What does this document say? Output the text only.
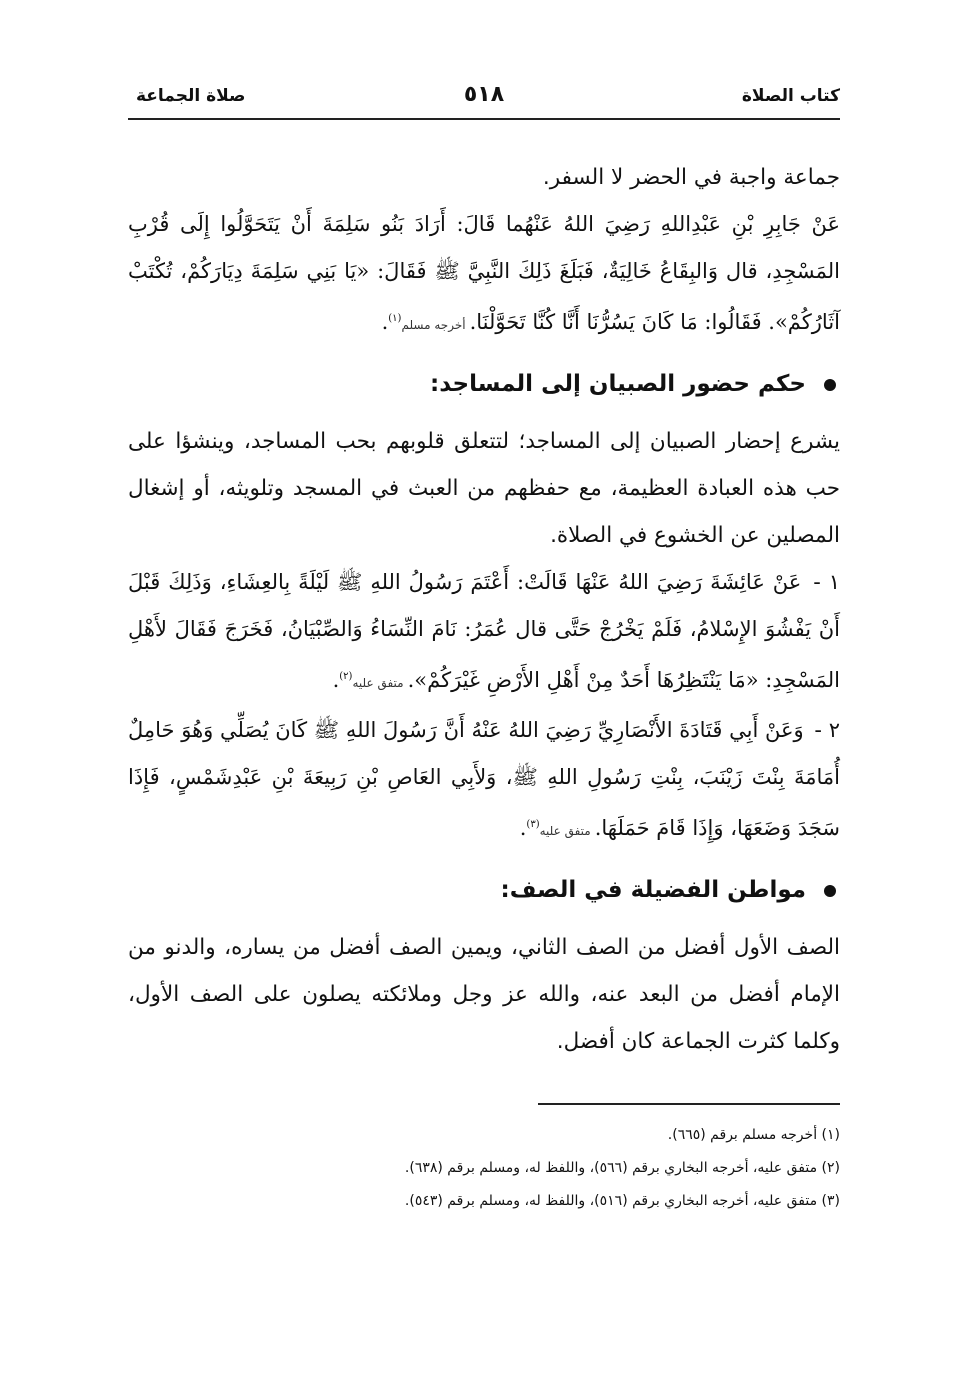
كتاب الصلاة
٥١٨
صلاة الجماعة

جماعة واجبة في الحضر لا السفر.

عَنْ جَابِرِ بْنِ عَبْدِاللهِ رَضِيَ اللهُ عَنْهُما قَالَ: أَرَادَ بَنُو سَلِمَةَ أَنْ يَتَحَوَّلُوا إِلَى قُرْبِ المَسْجِدِ، قال وَالبِقَاعُ خَالِيَةٌ، فَبَلَغَ ذَلِكَ النَّبِيَّ ﷺ فَقَالَ: «يَا بَنِي سَلِمَةَ دِيَارَكُمْ، تُكْتَبْ آثَارُكُمْ». فَقَالُوا: مَا كَانَ يَسُرُّنَا أَنَّا كُنَّا تَحَوَّلْنَا.أخرجه مسلم$^{(١)}$.

حكم حضور الصبيان إلى المساجد:

يشرع إحضار الصبيان إلى المساجد؛ لتتعلق قلوبهم بحب المساجد، وينشؤا على حب هذه العبادة العظيمة، مع حفظهم من العبث في المسجد وتلويثه، أو إشغال المصلين عن الخشوع في الصلاة.

١ - عَنْ عَائِشَةَ رَضِيَ اللهُ عَنْهَا قَالَتْ: أَعْتَمَ رَسُولُ اللهِ ﷺ لَيْلَةً بِالعِشَاءِ، وَذَلِكَ قَبْلَ أَنْ يَفْشُوَ الإِسْلامُ، فَلَمْ يَخْرُجْ حَتَّى قال عُمَرُ: نَامَ النِّسَاءُ وَالصِّبْيَانُ، فَخَرَجَ فَقَالَ لأَهْلِ المَسْجِدِ: «مَا يَنْتَظِرُهَا أَحَدٌ مِنْ أَهْلِ الأَرْضِ غَيْرَكُمْ».متفق عليه$^{(٢)}$.

٢ - وَعَنْ أَبِي قَتَادَةَ الأَنْصَارِيِّ رَضِيَ اللهُ عَنْهُ أَنَّ رَسُولَ اللهِ ﷺ كَانَ يُصَلِّي وَهُوَ حَامِلٌ أُمَامَةَ بِنْتَ زَيْنَبَ، بِنْتِ رَسُولِ اللهِ ﷺ، وَلأَبِي العَاصِ بْنِ رَبِيعَةَ بْنِ عَبْدِشَمْسٍ، فَإِذَا سَجَدَ وَضَعَهَا، وَإِذَا قَامَ حَمَلَهَا.متفق عليه$^{(٣)}$.

مواطن الفضيلة في الصف:

الصف الأول أفضل من الصف الثاني، ويمين الصف أفضل من يساره، والدنو من الإمام أفضل من البعد عنه، والله عز وجل وملائكته يصلون على الصف الأول، وكلما كثرت الجماعة كان أفضل.

(١) أخرجه مسلم برقم (٦٦٥).
(٢) متفق عليه، أخرجه البخاري برقم (٥٦٦)، واللفظ له، ومسلم برقم (٦٣٨).
(٣) متفق عليه، أخرجه البخاري برقم (٥١٦)، واللفظ له، ومسلم برقم (٥٤٣).
